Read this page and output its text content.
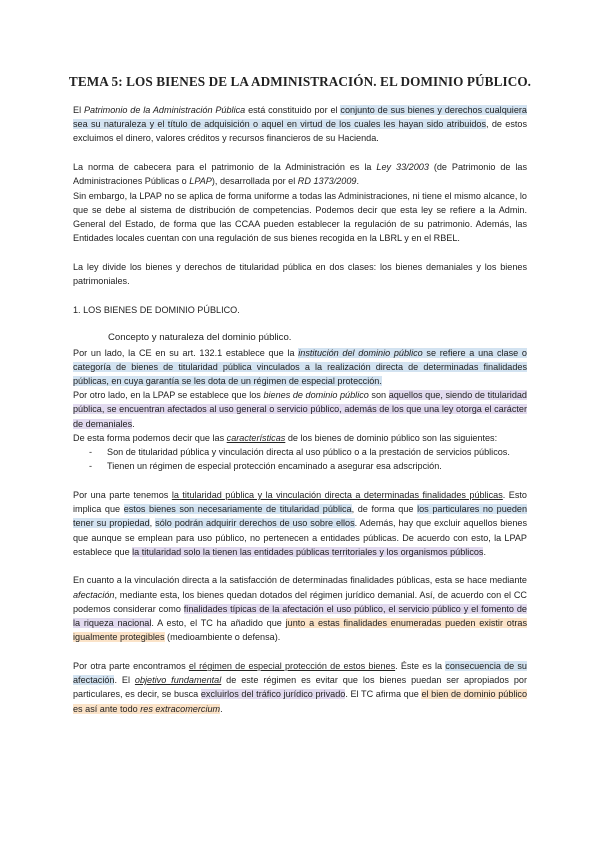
TEMA 5: LOS BIENES DE LA ADMINISTRACIÓN. EL DOMINIO PÚBLICO.

El Patrimonio de la Administración Pública está constituido por el conjunto de sus bienes y derechos cualquiera sea su naturaleza y el título de adquisición o aquel en virtud de los cuales les hayan sido atribuidos, de estos excluimos el dinero, valores créditos y recursos financieros de su Hacienda.

La norma de cabecera para el patrimonio de la Administración es la Ley 33/2003 (de Patrimonio de las Administraciones Públicas o LPAP), desarrollada por el RD 1373/2009.

Sin embargo, la LPAP no se aplica de forma uniforme a todas las Administraciones, ni tiene el mismo alcance, lo que se debe al sistema de distribución de competencias. Podemos decir que esta ley se refiere a la Admin. General del Estado, de forma que las CCAA pueden establecer la regulación de su patrimonio. Además, las Entidades locales cuentan con una regulación de sus bienes recogida en la LBRL y en el RBEL.

La ley divide los bienes y derechos de titularidad pública en dos clases: los bienes demaniales y los bienes patrimoniales.

1. LOS BIENES DE DOMINIO PÚBLICO.

Concepto y naturaleza del dominio público.

Por un lado, la CE en su art. 132.1 establece que la institución del dominio público se refiere a una clase o categoría de bienes de titularidad pública vinculados a la realización directa de determinadas finalidades públicas, en cuya garantía se les dota de un régimen de especial protección.

Por otro lado, en la LPAP se establece que los bienes de dominio público son aquellos que, siendo de titularidad pública, se encuentran afectados al uso general o servicio público, además de los que una ley otorga el carácter de demaniales.

De esta forma podemos decir que las características de los bienes de dominio público son las siguientes:

- Son de titularidad pública y vinculación directa al uso público o a la prestación de servicios públicos.
- Tienen un régimen de especial protección encaminado a asegurar esa adscripción.

Por una parte tenemos la titularidad pública y la vinculación directa a determinadas finalidades públicas. Esto implica que estos bienes son necesariamente de titularidad pública, de forma que los particulares no pueden tener su propiedad, sólo podrán adquirir derechos de uso sobre ellos. Además, hay que excluir aquellos bienes que aunque se emplean para uso público, no pertenecen a entidades públicas. De acuerdo con esto, la LPAP establece que la titularidad solo la tienen las entidades públicas territoriales y los organismos públicos.

En cuanto a la vinculación directa a la satisfacción de determinadas finalidades públicas, esta se hace mediante afectación, mediante esta, los bienes quedan dotados del régimen jurídico demanial. Así, de acuerdo con el CC podemos considerar como finalidades típicas de la afectación el uso público, el servicio público y el fomento de la riqueza nacional. A esto, el TC ha añadido que junto a estas finalidades enumeradas pueden existir otras igualmente protegibles (medioambiente o defensa).

Por otra parte encontramos el régimen de especial protección de estos bienes. Éste es la consecuencia de su afectación. El objetivo fundamental de este régimen es evitar que los bienes puedan ser apropiados por particulares, es decir, se busca excluirlos del tráfico jurídico privado. El TC afirma que el bien de dominio público es así ante todo res extracomercium.
